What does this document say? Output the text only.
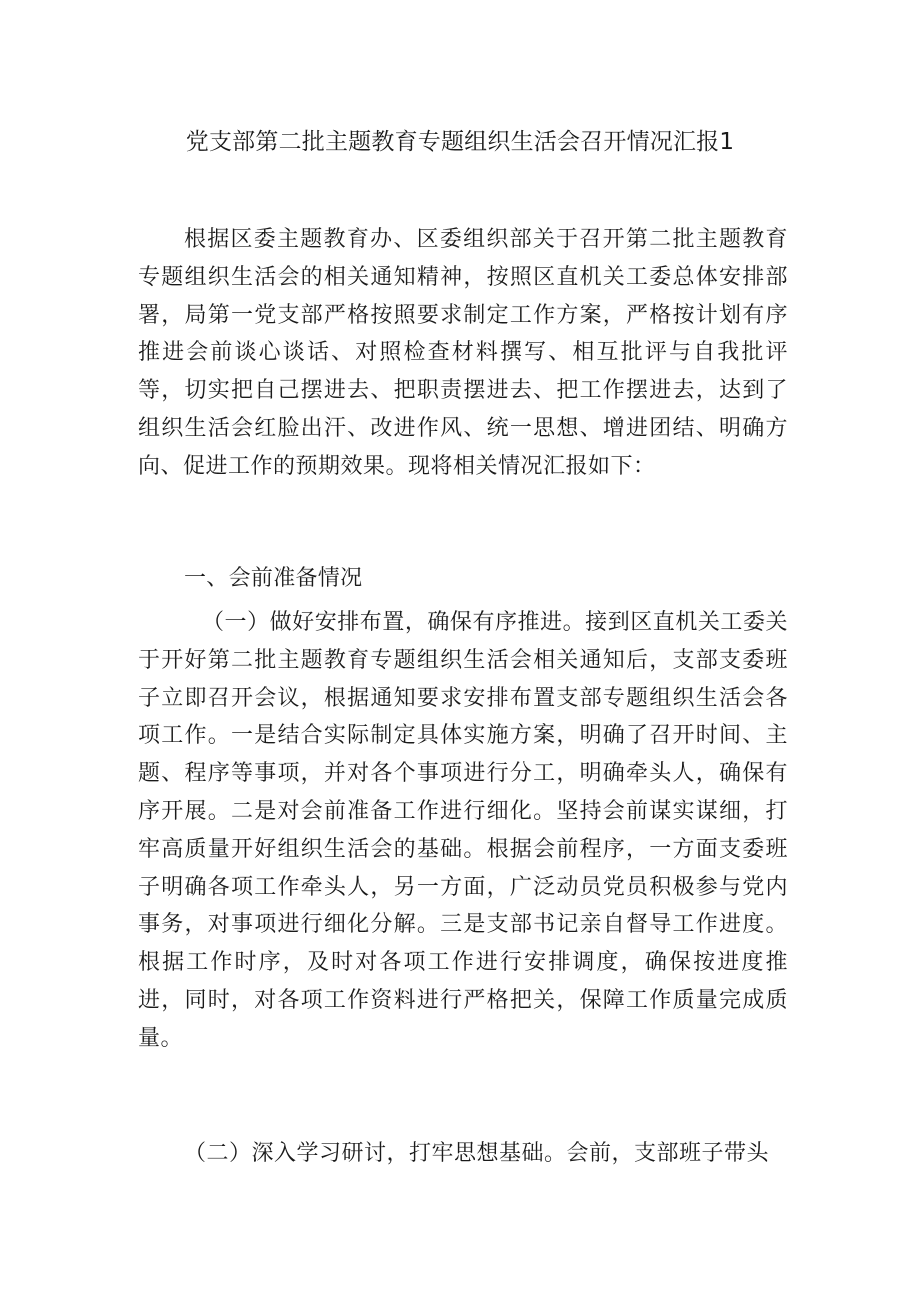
党支部第二批主题教育专题组织生活会召开情况汇报1

根据区委主题教育办、区委组织部关于召开第二批主题教育专题组织生活会的相关通知精神，按照区直机关工委总体安排部署，局第一党支部严格按照要求制定工作方案，严格按计划有序推进会前谈心谈话、对照检查材料撰写、相互批评与自我批评等，切实把自己摆进去、把职责摆进去、把工作摆进去，达到了组织生活会红脸出汗、改进作风、统一思想、增进团结、明确方向、促进工作的预期效果。现将相关情况汇报如下：

一、会前准备情况

（一）做好安排布置，确保有序推进。接到区直机关工委关于开好第二批主题教育专题组织生活会相关通知后，支部支委班子立即召开会议，根据通知要求安排布置支部专题组织生活会各项工作。一是结合实际制定具体实施方案，明确了召开时间、主题、程序等事项，并对各个事项进行分工，明确牵头人，确保有序开展。二是对会前准备工作进行细化。坚持会前谋实谋细，打牢高质量开好组织生活会的基础。根据会前程序，一方面支委班子明确各项工作牵头人，另一方面，广泛动员党员积极参与党内事务，对事项进行细化分解。三是支部书记亲自督导工作进度。根据工作时序，及时对各项工作进行安排调度，确保按进度推进，同时，对各项工作资料进行严格把关，保障工作质量完成质量。

（二）深入学习研讨，打牢思想基础。会前，支部班子带头
